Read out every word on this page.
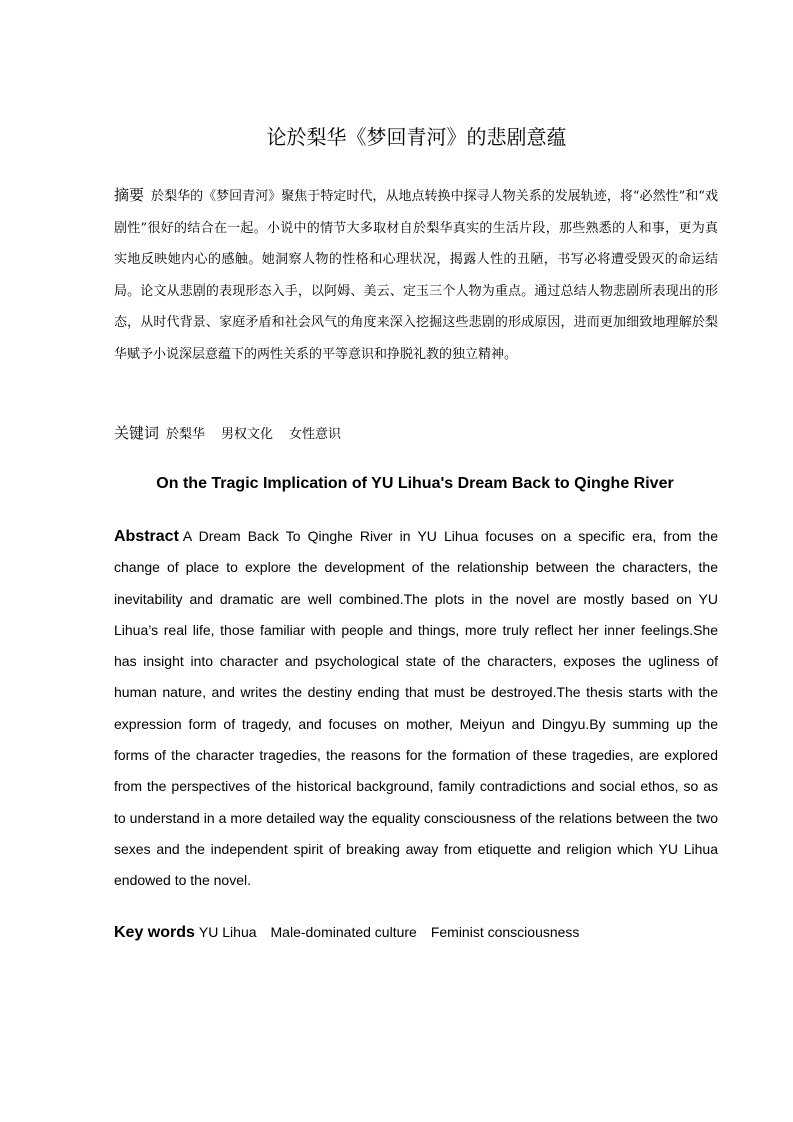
论於梨华《梦回青河》的悲剧意蕴
摘要 於梨华的《梦回青河》聚焦于特定时代，从地点转换中探寻人物关系的发展轨迹，将“必然性”和“戏剧性”很好的结合在一起。小说中的情节大多取材自於梨华真实的生活片段，那些熟悉的人和事，更为真实地反映她内心的感触。她洞察人物的性格和心理状况，揭露人性的丑陋，书写必将遭受毁灭的命运结局。论文从悲剧的表现形态入手，以阿姆、美云、定玉三个人物为重点。通过总结人物悲剧所表现出的形态，从时代背景、家庭矛盾和社会风气的角度来深入挖掘这些悲剧的形成原因，进而更加细致地理解於梨华赋予小说深层意蕴下的两性关系的平等意识和挣脱礼教的独立精神。
关键词 於梨华 男权文化 女性意识
On the Tragic Implication of YU Lihua's Dream Back to Qinghe River
Abstract A Dream Back To Qinghe River in YU Lihua focuses on a specific era, from the change of place to explore the development of the relationship between the characters, the inevitability and dramatic are well combined.The plots in the novel are mostly based on YU Lihua’s real life, those familiar with people and things, more truly reflect her inner feelings.She has insight into character and psychological state of the characters, exposes the ugliness of human nature, and writes the destiny ending that must be destroyed.The thesis starts with the expression form of tragedy, and focuses on mother, Meiyun and Dingyu.By summing up the forms of the character tragedies, the reasons for the formation of these tragedies, are explored from the perspectives of the historical background, family contradictions and social ethos, so as to understand in a more detailed way the equality consciousness of the relations between the two sexes and the independent spirit of breaking away from etiquette and religion which YU Lihua endowed to the novel.
Key words YU Lihua Male-dominated culture Feminist consciousness
